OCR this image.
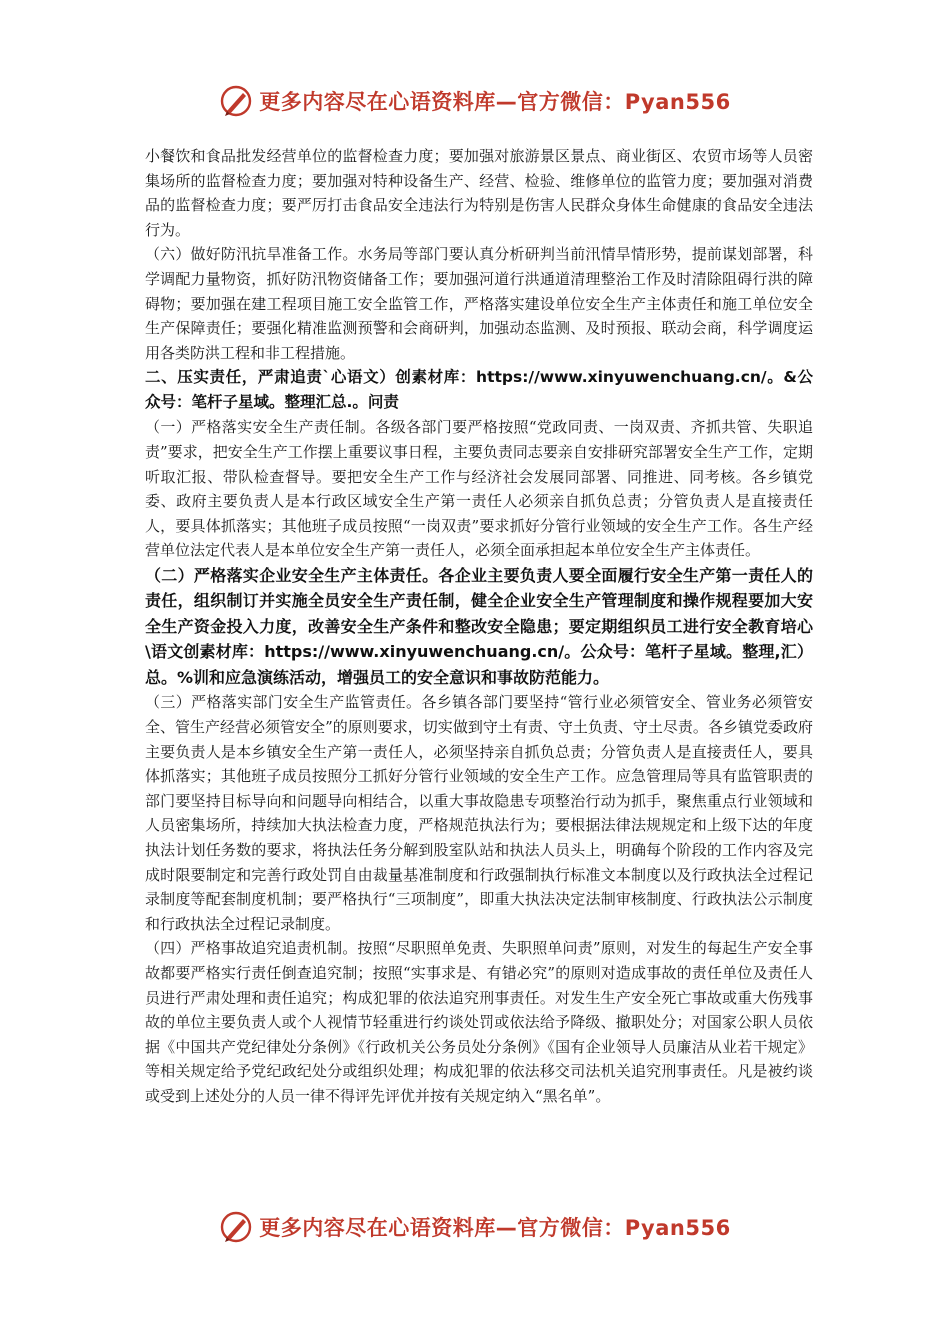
更多内容尽在心语资料库—官方微信：Pyan556

小餐饮和食品批发经营单位的监督检查力度；要加强对旅游景区景点、商业街区、农贸市场等人员密集场所的监督检查力度；要加强对特种设备生产、经营、检验、维修单位的监管力度；要加强对消费品的监督检查力度；要严厉打击食品安全违法行为特别是伤害人民群众身体生命健康的食品安全违法行为。

（六）做好防汛抗旱准备工作。水务局等部门要认真分析研判当前汛情旱情形势，提前谋划部署，科学调配力量物资，抓好防汛物资储备工作；要加强河道行洪通道清理整治工作及时清除阻碍行洪的障碍物；要加强在建工程项目施工安全监管工作，严格落实建设单位安全生产主体责任和施工单位安全生产保障责任；要强化精准监测预警和会商研判，加强动态监测、及时预报、联动会商，科学调度运用各类防洪工程和非工程措施。

二、压实责任，严肃追责`心语文）创素材库：https://www.xinyuwenchuang.cn/。&公众号：笔杆子星域。整理汇总.。问责

（一）严格落实安全生产责任制。各级各部门要严格按照“党政同责、一岗双责、齐抓共管、失职追责”要求，把安全生产工作摆上重要议事日程，主要负责同志要亲自安排研究部署安全生产工作，定期听取汇报、带队检查督导。要把安全生产工作与经济社会发展同部署、同推进、同考核。各乡镇党委、政府主要负责人是本行政区域安全生产第一责任人必须亲自抓负总责；分管负责人是直接责任人，要具体抓落实；其他班子成员按照“一岗双责”要求抓好分管行业领域的安全生产工作。各生产经营单位法定代表人是本单位安全生产第一责任人，必须全面承担起本单位安全生产主体责任。

（二）严格落实企业安全生产主体责任。各企业主要负责人要全面履行安全生产第一责任人的责任，组织制订并实施全员安全生产责任制，健全企业安全生产管理制度和操作规程要加大安全生产资金投入力度，改善安全生产条件和整改安全隐患；要定期组织员工进行安全教育培心\语文创素材库：https://www.xinyuwenchuang.cn/。公众号：笔杆子星域。整理,汇）总。%训和应急演练活动，增强员工的安全意识和事故防范能力。

（三）严格落实部门安全生产监管责任。各乡镇各部门要坚持“管行业必须管安全、管业务必须管安全、管生产经营必须管安全”的原则要求，切实做到守土有责、守土负责、守土尽责。各乡镇党委政府主要负责人是本乡镇安全生产第一责任人，必须坚持亲自抓负总责；分管负责人是直接责任人，要具体抓落实；其他班子成员按照分工抓好分管行业领域的安全生产工作。应急管理局等具有监管职责的部门要坚持目标导向和问题导向相结合，以重大事故隐患专项整治行动为抓手，聚焦重点行业领域和人员密集场所，持续加大执法检查力度，严格规范执法行为；要根据法律法规规定和上级下达的年度执法计划任务数的要求，将执法任务分解到股室队站和执法人员头上，明确每个阶段的工作内容及完成时限要制定和完善行政处罚自由裁量基准制度和行政强制执行标准文本制度以及行政执法全过程记录制度等配套制度机制；要严格执行“三项制度”，即重大执法决定法制审核制度、行政执法公示制度和行政执法全过程记录制度。

（四）严格事故追究追责机制。按照“尽职照单免责、失职照单问责”原则，对发生的每起生产安全事故都要严格实行责任倒查追究制；按照“实事求是、有错必究”的原则对造成事故的责任单位及责任人员进行严肃处理和责任追究；构成犯罪的依法追究刑事责任。对发生生产安全死亡事故或重大伤残事故的单位主要负责人或个人视情节轻重进行约谈处罚或依法给予降级、撤职处分；对国家公职人员依据《中国共产党纪律处分条例》《行政机关公务员处分条例》《国有企业领导人员廉洁从业若干规定》等相关规定给予党纪政纪处分或组织处理；构成犯罪的依法移交司法机关追究刑事责任。凡是被约谈或受到上述处分的人员一律不得评先评优并按有关规定纳入“黑名单”。

更多内容尽在心语资料库—官方微信：Pyan556
